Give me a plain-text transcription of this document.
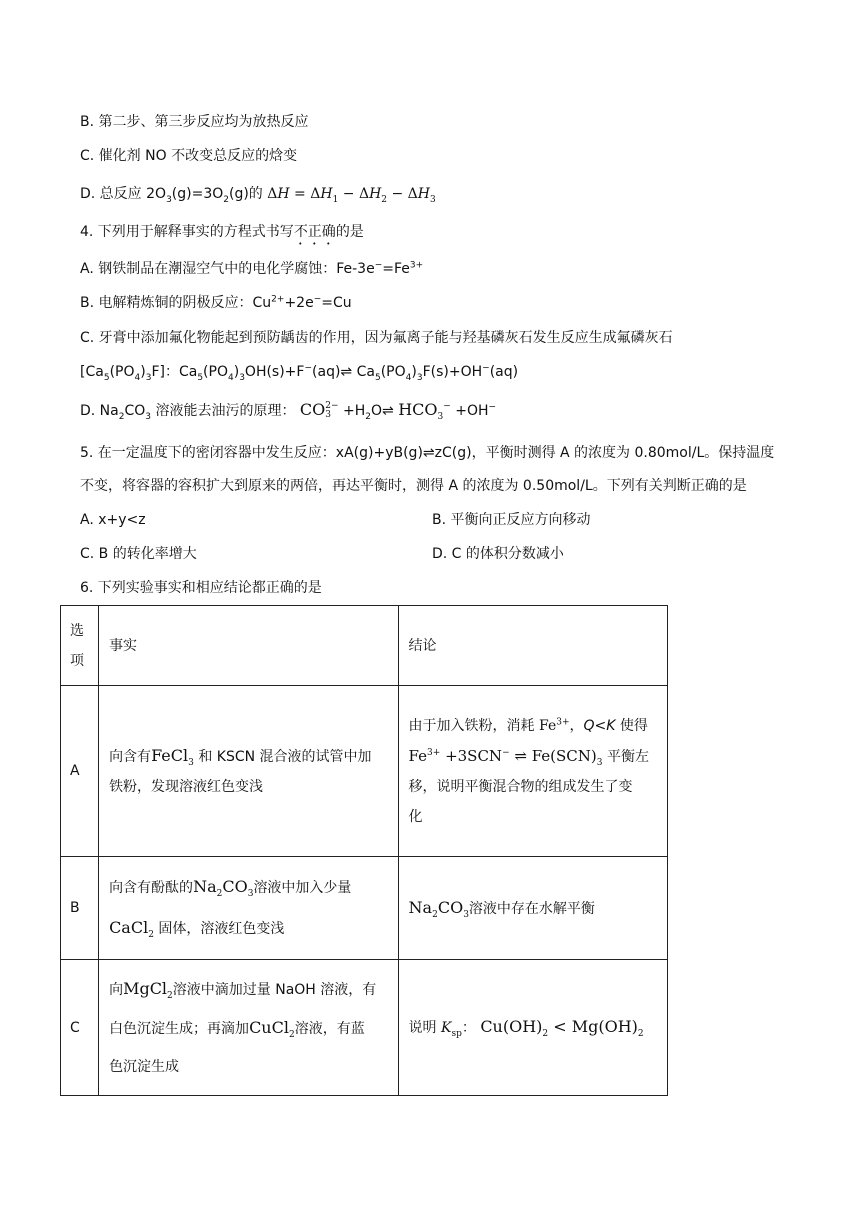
B. 第二步、第三步反应均为放热反应
C. 催化剂 NO 不改变总反应的焓变
D. 总反应 $2O_3(g)=3O_2(g)$的 $\Delta H = \Delta H_1 - \Delta H_2 - \Delta H_3$
4. 下列用于解释事实的方程式书写不正确的是
A. 钢铁制品在潮湿空气中的电化学腐蚀：$Fe-3e^-=Fe^{3+}$
B. 电解精炼铜的阴极反应：$Cu^{2+}+2e^-=Cu$
C. 牙膏中添加氟化物能起到预防龋齿的作用，因为氟离子能与羟基磷灰石发生反应生成氟磷灰石
$[Ca_5(PO_4)_3F]$：$Ca_5(PO_4)_3OH(s)+F^-(aq)\rightleftharpoons$ $Ca_5(PO_4)_3F(s)+OH^-(aq)$
D. $Na_2CO_3$ 溶液能去油污的原理： CO 2−
$3 +H_2O\rightleftharpoons$ $HCO_3^- +OH^-$
5. 在一定温度下的密闭容器中发生反应：xA(g)+yB(g)⇌zC(g)，平衡时测得 A 的浓度为 0.80mol/L。保持温度
不变，将容器的容积扩大到原来的两倍，再达平衡时，测得 A 的浓度为 0.50mol/L。下列有关判断正确的是
A. x+y<z	B. 平衡向正反应方向移动
C. B 的转化率增大	D. C 的体积分数减小
6. 下列实验事实和相应结论都正确的是
选
项	事实	结论
A	向含有FeCl$_3$ 和 KSCN 混合液的试管中加
铁粉，发现溶液红色变浅	由于加入铁粉，消耗 $Fe^{3+}$，Q<K 使得
$Fe^{3+} +3SCN^-$ ⇌ $Fe(SCN)_3$ 平衡左
移，说明平衡混合物的组成发生了变
化

B	向含有酚酞的$Na_2CO_3$溶液中加入少量
CaCl$_2$ 固体，溶液红色变浅	$Na_2CO_3$溶液中存在水解平衡
C	向MgCl$_2$溶液中滴加过量 NaOH 溶液，有
白色沉淀生成；再滴加CuCl$_2$溶液，有蓝
色沉淀生成	说明 $K_{sp}$： $Cu(OH)_2 < Mg(OH)_2$
